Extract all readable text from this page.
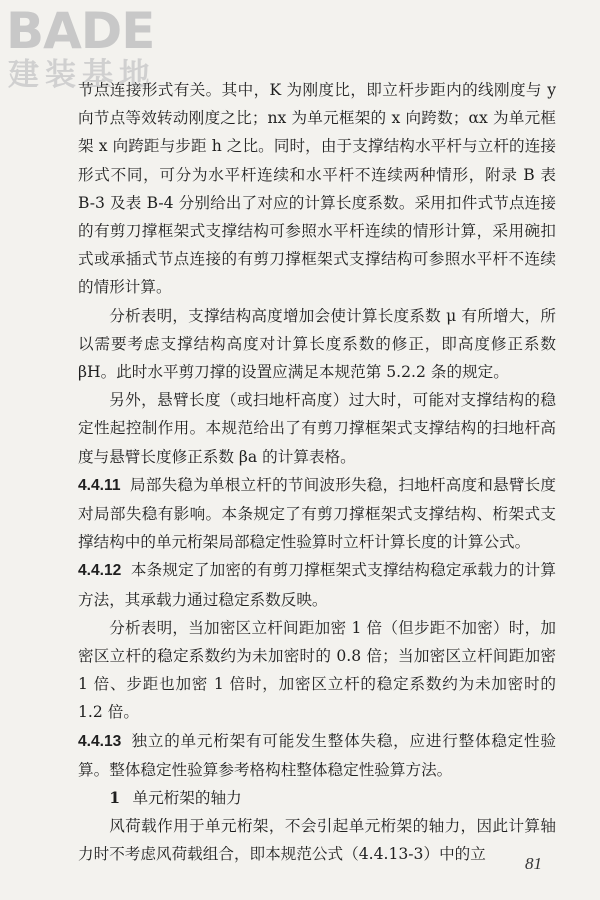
BADE
建装基地

节点连接形式有关。其中，K 为刚度比，即立杆步距内的线刚度与 y 向节点等效转动刚度之比；nx 为单元框架的 x 向跨数；αx 为单元框架 x 向跨距与步距 h 之比。同时，由于支撑结构水平杆与立杆的连接形式不同，可分为水平杆连续和水平杆不连续两种情形，附录 B 表 B-3 及表 B-4 分别给出了对应的计算长度系数。采用扣件式节点连接的有剪刀撑框架式支撑结构可参照水平杆连续的情形计算，采用碗扣式或承插式节点连接的有剪刀撑框架式支撑结构可参照水平杆不连续的情形计算。

分析表明，支撑结构高度增加会使计算长度系数 μ 有所增大，所以需要考虑支撑结构高度对计算长度系数的修正，即高度修正系数 βH。此时水平剪刀撑的设置应满足本规范第 5.2.2 条的规定。

另外，悬臂长度（或扫地杆高度）过大时，可能对支撑结构的稳定性起控制作用。本规范给出了有剪刀撑框架式支撑结构的扫地杆高度与悬臂长度修正系数 βa 的计算表格。

4.4.11 局部失稳为单根立杆的节间波形失稳，扫地杆高度和悬臂长度对局部失稳有影响。本条规定了有剪刀撑框架式支撑结构、桁架式支撑结构中的单元桁架局部稳定性验算时立杆计算长度的计算公式。

4.4.12 本条规定了加密的有剪刀撑框架式支撑结构稳定承载力的计算方法，其承载力通过稳定系数反映。

分析表明，当加密区立杆间距加密 1 倍（但步距不加密）时，加密区立杆的稳定系数约为未加密时的 0.8 倍；当加密区立杆间距加密 1 倍、步距也加密 1 倍时，加密区立杆的稳定系数约为未加密时的 1.2 倍。

4.4.13 独立的单元桁架有可能发生整体失稳，应进行整体稳定性验算。整体稳定性验算参考格构柱整体稳定性验算方法。

1 单元桁架的轴力

风荷载作用于单元桁架，不会引起单元桁架的轴力，因此计算轴力时不考虑风荷载组合，即本规范公式（4.4.13-3）中的立	81
